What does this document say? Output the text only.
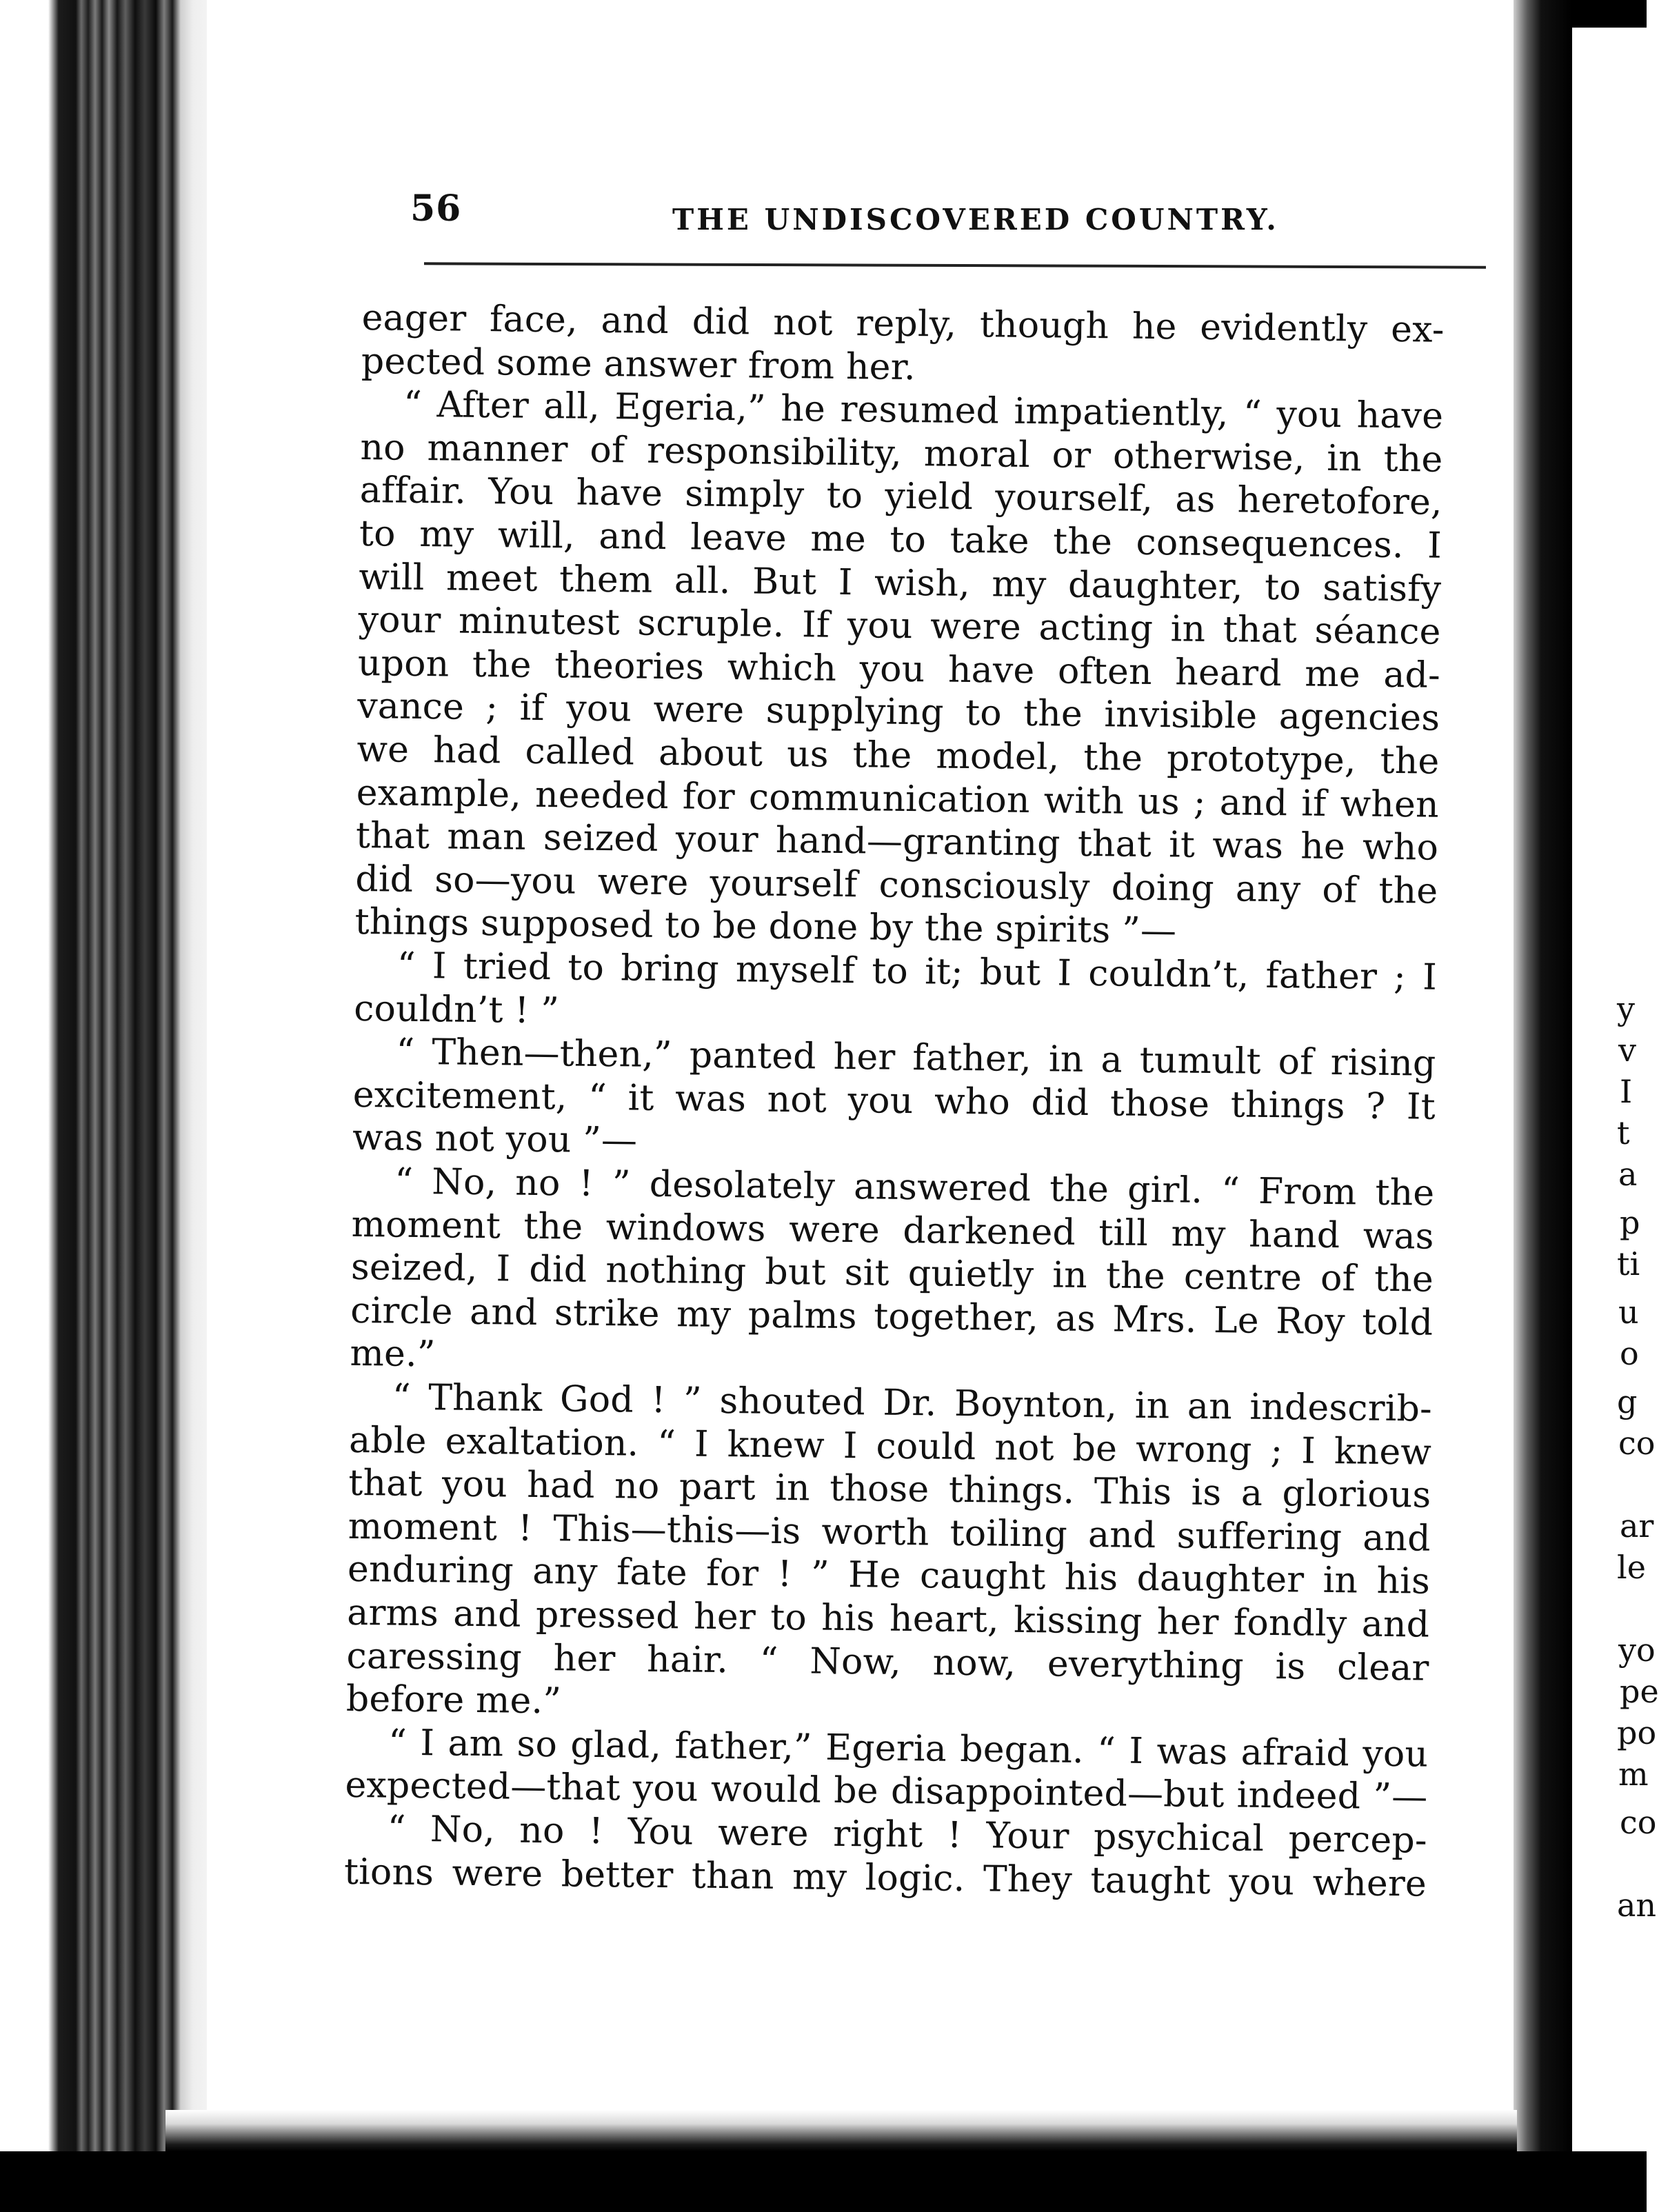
56	THE UNDISCOVERED COUNTRY.
eager face, and did not reply, though he evidently ex-
pected some answer from her.
“ After all, Egeria,” he resumed impatiently, “ you have
no manner of responsibility, moral or otherwise, in the
affair. You have simply to yield yourself, as heretofore,
to my will, and leave me to take the consequences. I
will meet them all. But I wish, my daughter, to satisfy
your minutest scruple. If you were acting in that séance
upon the theories which you have often heard me ad-
vance ; if you were supplying to the invisible agencies
we had called about us the model, the prototype, the
example, needed for communication with us ; and if when
that man seized your hand—granting that it was he who
did so—you were yourself consciously doing any of the
things supposed to be done by the spirits ”—
“ I tried to bring myself to it; but I couldn’t, father ; I
couldn’t ! ”
“ Then—then,” panted her father, in a tumult of rising
excitement, “ it was not you who did those things ? It
was not you ”—
“ No, no ! ” desolately answered the girl. “ From the
moment the windows were darkened till my hand was
seized, I did nothing but sit quietly in the centre of the
circle and strike my palms together, as Mrs. Le Roy told
me.”
“ Thank God ! ” shouted Dr. Boynton, in an indescrib-
able exaltation. “ I knew I could not be wrong ; I knew
that you had no part in those things. This is a glorious
moment ! This—this—is worth toiling and suffering and
enduring any fate for ! ” He caught his daughter in his
arms and pressed her to his heart, kissing her fondly and
caressing her hair. “ Now, now, everything is clear
before me.”
“ I am so glad, father,” Egeria began. “ I was afraid you
expected—that you would be disappointed—but indeed ”—
“ No, no ! You were right ! Your psychical percep-
tions were better than my logic. They taught you where
y
v
I
t
a
p
ti
u
o
g
co
ar
le
yo
pe
po
m
co
an
